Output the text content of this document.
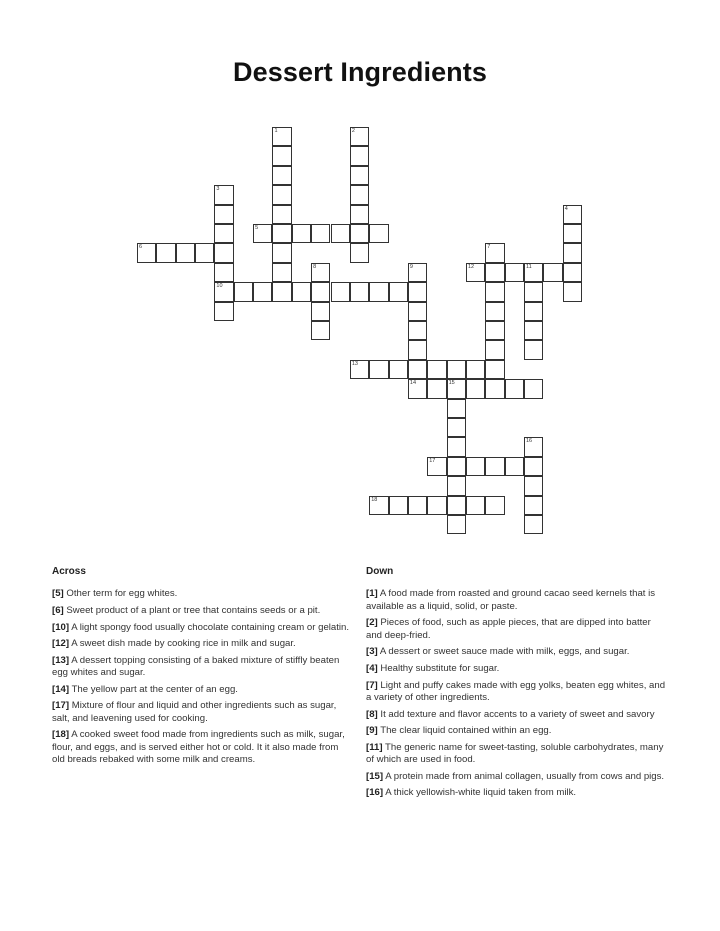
Dessert Ingredients
1	2
3
10
4
5
6	7
8	9
14
11
12
13
15
16
17
18
Across
[5] Other term for egg whites.
[6] Sweet product of a plant or tree that contains seeds or a pit.
[10] A light spongy food usually chocolate containing cream or gelatin.
[12] A sweet dish made by cooking rice in milk and sugar.
[13] A dessert topping consisting of a baked mixture of stiffly beaten egg whites and sugar.
[14] The yellow part at the center of an egg.
[17] Mixture of flour and liquid and other ingredients such as sugar, salt, and leavening used for cooking.
[18] A cooked sweet food made from ingredients such as milk, sugar, flour, and eggs, and is served either hot or cold. It it also made from old breads rebaked with some milk and creams.
Down
[1] A food made from roasted and ground cacao seed kernels that is available as a liquid, solid, or paste.
[2] Pieces of food, such as apple pieces, that are dipped into batter and deep-fried.
[3] A dessert or sweet sauce made with milk, eggs, and sugar.
[4] Healthy substitute for sugar.
[7] Light and puffy cakes made with egg yolks, beaten egg whites, and a variety of other ingredients.
[8] It add texture and flavor accents to a variety of sweet and savory
[9] The clear liquid contained within an egg.
[11] The generic name for sweet-tasting, soluble carbohydrates, many of which are used in food.
[15] A protein made from animal collagen, usually from cows and pigs.
[16] A thick yellowish-white liquid taken from milk.
